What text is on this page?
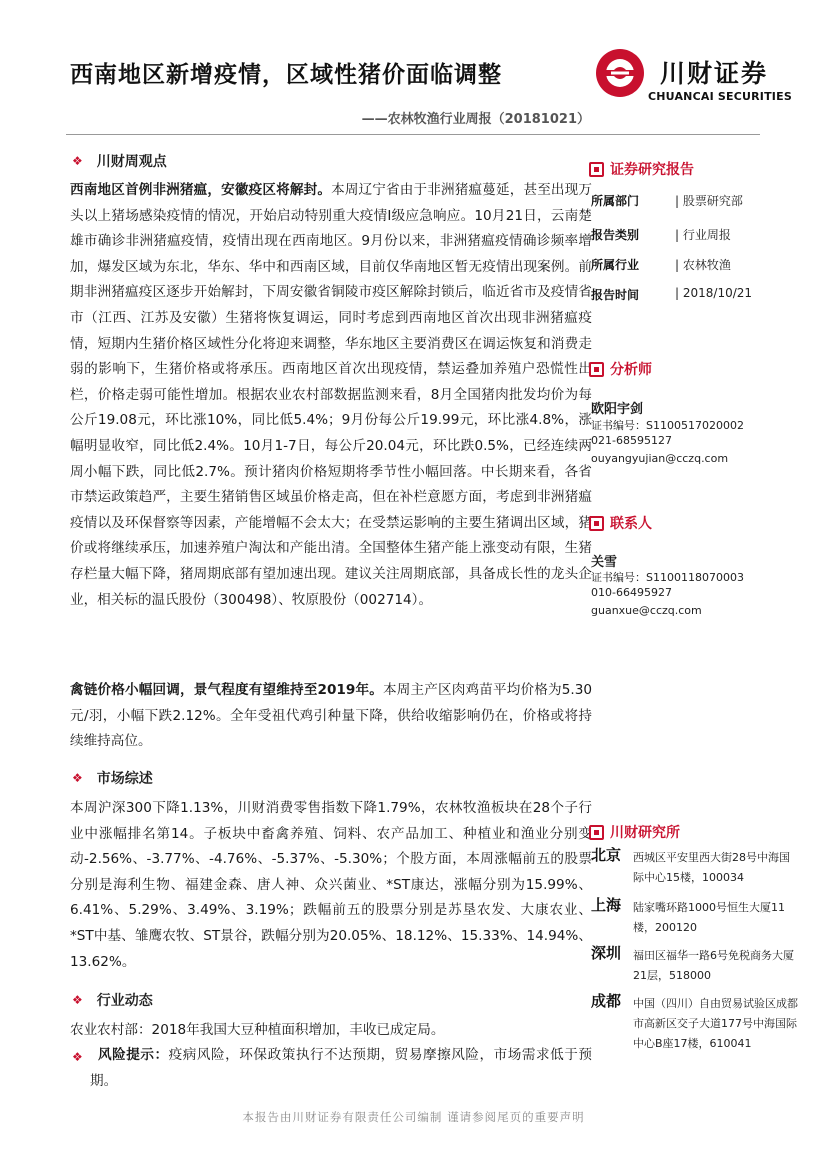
西南地区新增疫情，区域性猪价面临调整
——农林牧渔行业周报（20181021）
川财证券
CHUANCAI SECURITIES
❖ 川财周观点

西南地区首例非洲猪瘟，安徽疫区将解封。本周辽宁省由于非洲猪瘟蔓延，甚至出现万头以上猪场感染疫情的情况，开始启动特别重大疫情Ⅰ级应急响应。10月21日，云南楚雄市确诊非洲猪瘟疫情，疫情出现在西南地区。9月份以来，非洲猪瘟疫情确诊频率增加，爆发区域为东北，华东、华中和西南区域，目前仅华南地区暂无疫情出现案例。前期非洲猪瘟疫区逐步开始解封，下周安徽省铜陵市疫区解除封锁后，临近省市及疫情省市（江西、江苏及安徽）生猪将恢复调运，同时考虑到西南地区首次出现非洲猪瘟疫情，短期内生猪价格区域性分化将迎来调整，华东地区主要消费区在调运恢复和消费走弱的影响下，生猪价格或将承压。西南地区首次出现疫情，禁运叠加养殖户恐慌性出栏，价格走弱可能性增加。根据农业农村部数据监测来看，8月全国猪肉批发均价为每公斤19.08元，环比涨10%，同比低5.4%；9月份每公斤19.99元，环比涨4.8%，涨幅明显收窄，同比低2.4%。10月1-7日，每公斤20.04元，环比跌0.5%，已经连续两周小幅下跌，同比低2.7%。预计猪肉价格短期将季节性小幅回落。中长期来看，各省市禁运政策趋严，主要生猪销售区域虽价格走高，但在补栏意愿方面，考虑到非洲猪瘟疫情以及环保督察等因素，产能增幅不会太大；在受禁运影响的主要生猪调出区域，猪价或将继续承压，加速养殖户淘汰和产能出清。全国整体生猪产能上涨变动有限，生猪存栏量大幅下降，猪周期底部有望加速出现。建议关注周期底部，具备成长性的龙头企业，相关标的温氏股份（300498）、牧原股份（002714）。

禽链价格小幅回调，景气程度有望维持至2019年。本周主产区肉鸡苗平均价格为5.30元/羽，小幅下跌2.12%。全年受祖代鸡引种量下降，供给收缩影响仍在，价格或将持续维持高位。

❖ 市场综述

本周沪深300下降1.13%，川财消费零售指数下降1.79%，农林牧渔板块在28个子行业中涨幅排名第14。子板块中畜禽养殖、饲料、农产品加工、种植业和渔业分别变动-2.56%、-3.77%、-4.76%、-5.37%、-5.30%；个股方面，本周涨幅前五的股票分别是海利生物、福建金森、唐人神、众兴菌业、*ST康达，涨幅分别为15.99%、6.41%、5.29%、3.49%、3.19%；跌幅前五的股票分别是苏垦农发、大康农业、*ST中基、雏鹰农牧、ST景谷，跌幅分别为20.05%、18.12%、15.33%、14.94%、13.62%。

❖ 行业动态

农业农村部：2018年我国大豆种植面积增加，丰收已成定局。

❖	风险提示：疫病风险，环保政策执行不达预期，贸易摩擦风险，市场需求低于预期。

证券研究报告
所属部门	| 股票研究部
报告类别	| 行业周报
所属行业	| 农林牧渔
报告时间	| 2018/10/21
分析师
欧阳宇剑
证书编号：S1100517020002
021-68595127
ouyangyujian@cczq.com
联系人
关雪
证书编号：S1100118070003
010-66495927
guanxue@cczq.com
川财研究所
北京 西城区平安里西大街28号中海国际中心15楼，100034
上海 陆家嘴环路1000号恒生大厦11楼，200120
深圳 福田区福华一路6号免税商务大厦21层，518000
成都 中国（四川）自由贸易试验区成都市高新区交子大道177号中海国际中心B座17楼，610041
本报告由川财证券有限责任公司编制 谨请参阅尾页的重要声明
